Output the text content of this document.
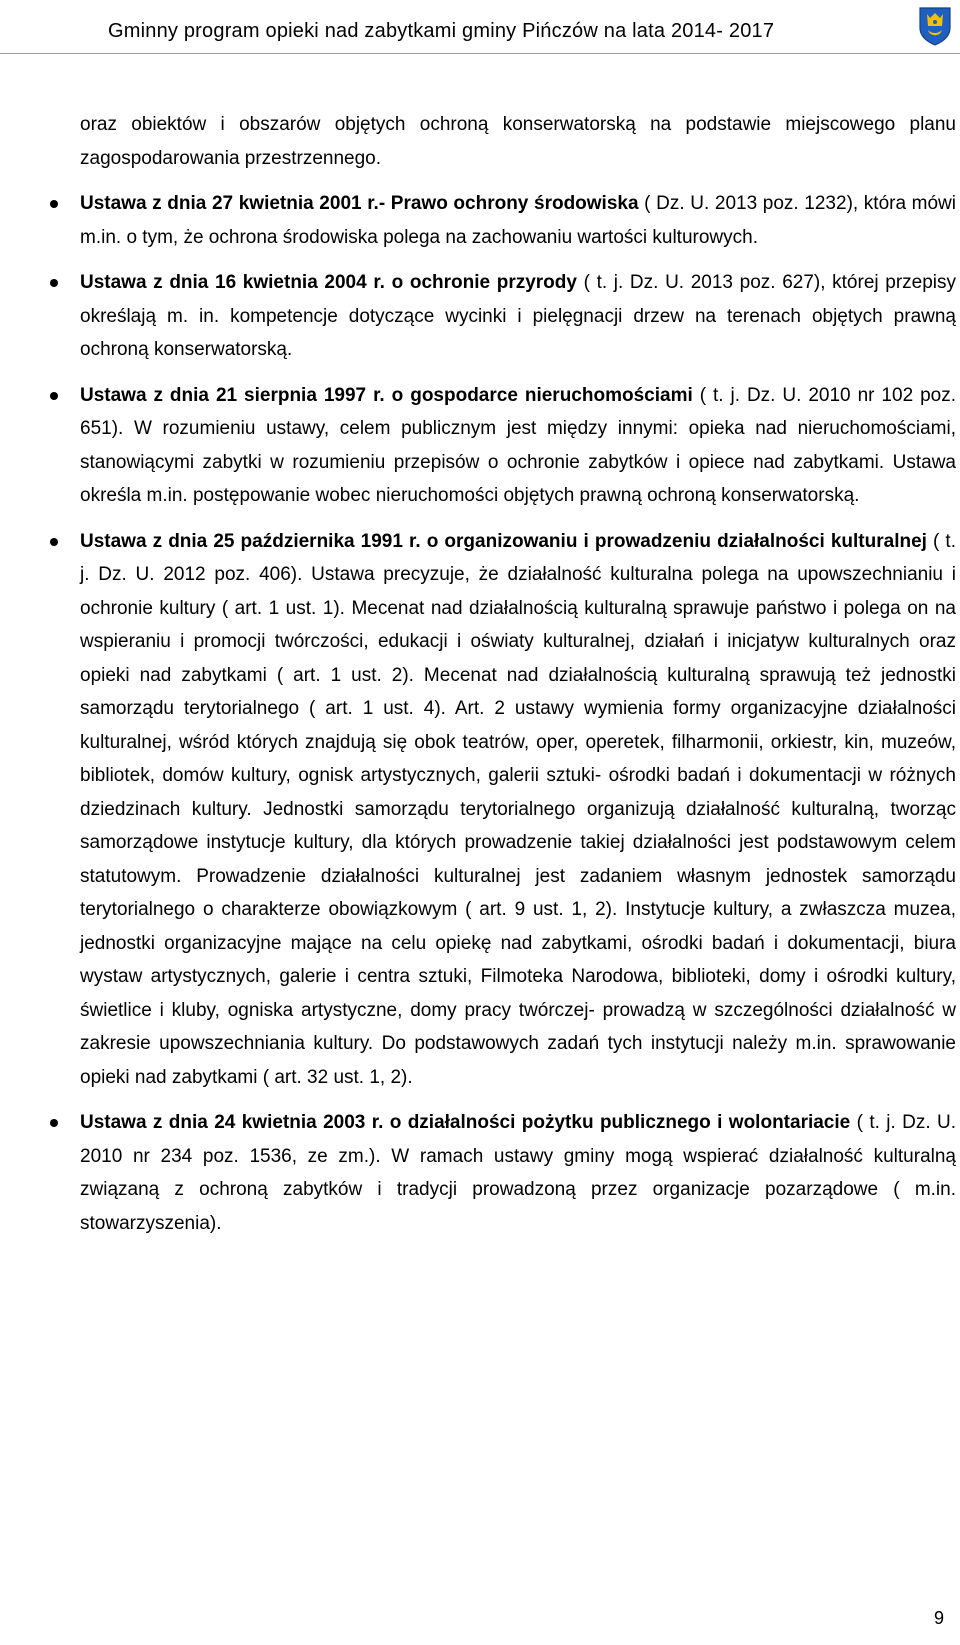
Gminny program opieki nad zabytkami gminy Pińczów na lata 2014- 2017

oraz obiektów i obszarów objętych ochroną konserwatorską na podstawie miejscowego planu zagospodarowania przestrzennego.

Ustawa z dnia 27 kwietnia 2001 r.- Prawo ochrony środowiska ( Dz. U. 2013 poz. 1232), która mówi m.in. o tym, że ochrona środowiska polega na zachowaniu wartości kulturowych.

Ustawa z dnia 16 kwietnia 2004 r. o ochronie przyrody ( t. j. Dz. U. 2013 poz. 627), której przepisy określają m. in. kompetencje dotyczące wycinki i pielęgnacji drzew na terenach objętych prawną ochroną konserwatorską.

Ustawa z dnia 21 sierpnia 1997 r. o gospodarce nieruchomościami ( t. j. Dz. U. 2010 nr 102 poz. 651). W rozumieniu ustawy, celem publicznym jest między innymi: opieka nad nieruchomościami, stanowiącymi zabytki w rozumieniu przepisów o ochronie zabytków i opiece nad zabytkami. Ustawa określa m.in. postępowanie wobec nieruchomości objętych prawną ochroną konserwatorską.

Ustawa z dnia 25 października 1991 r. o organizowaniu i prowadzeniu działalności kulturalnej ( t. j. Dz. U. 2012 poz. 406). Ustawa precyzuje, że działalność kulturalna polega na upowszechnianiu i ochronie kultury ( art. 1 ust. 1). Mecenat nad działalnością kulturalną sprawuje państwo i polega on na wspieraniu i promocji twórczości, edukacji i oświaty kulturalnej, działań i inicjatyw kulturalnych oraz opieki nad zabytkami ( art. 1 ust. 2). Mecenat nad działalnością kulturalną sprawują też jednostki samorządu terytorialnego ( art. 1 ust. 4). Art. 2 ustawy wymienia formy organizacyjne działalności kulturalnej, wśród których znajdują się obok teatrów, oper, operetek, filharmonii, orkiestr, kin, muzeów, bibliotek, domów kultury, ognisk artystycznych, galerii sztuki- ośrodki badań i dokumentacji w różnych dziedzinach kultury. Jednostki samorządu terytorialnego organizują działalność kulturalną, tworząc samorządowe instytucje kultury, dla których prowadzenie takiej działalności jest podstawowym celem statutowym. Prowadzenie działalności kulturalnej jest zadaniem własnym jednostek samorządu terytorialnego o charakterze obowiązkowym ( art. 9 ust. 1, 2). Instytucje kultury, a zwłaszcza muzea, jednostki organizacyjne mające na celu opiekę nad zabytkami, ośrodki badań i dokumentacji, biura wystaw artystycznych, galerie i centra sztuki, Filmoteka Narodowa, biblioteki, domy i ośrodki kultury, świetlice i kluby, ogniska artystyczne, domy pracy twórczej- prowadzą w szczególności działalność w zakresie upowszechniania kultury. Do podstawowych zadań tych instytucji należy m.in. sprawowanie opieki nad zabytkami ( art. 32 ust. 1, 2).

Ustawa z dnia 24 kwietnia 2003 r. o działalności pożytku publicznego i wolontariacie ( t. j. Dz. U. 2010 nr 234 poz. 1536, ze zm.). W ramach ustawy gminy mogą wspierać działalność kulturalną związaną z ochroną zabytków i tradycji prowadzoną przez organizacje pozarządowe ( m.in. stowarzyszenia).

9
